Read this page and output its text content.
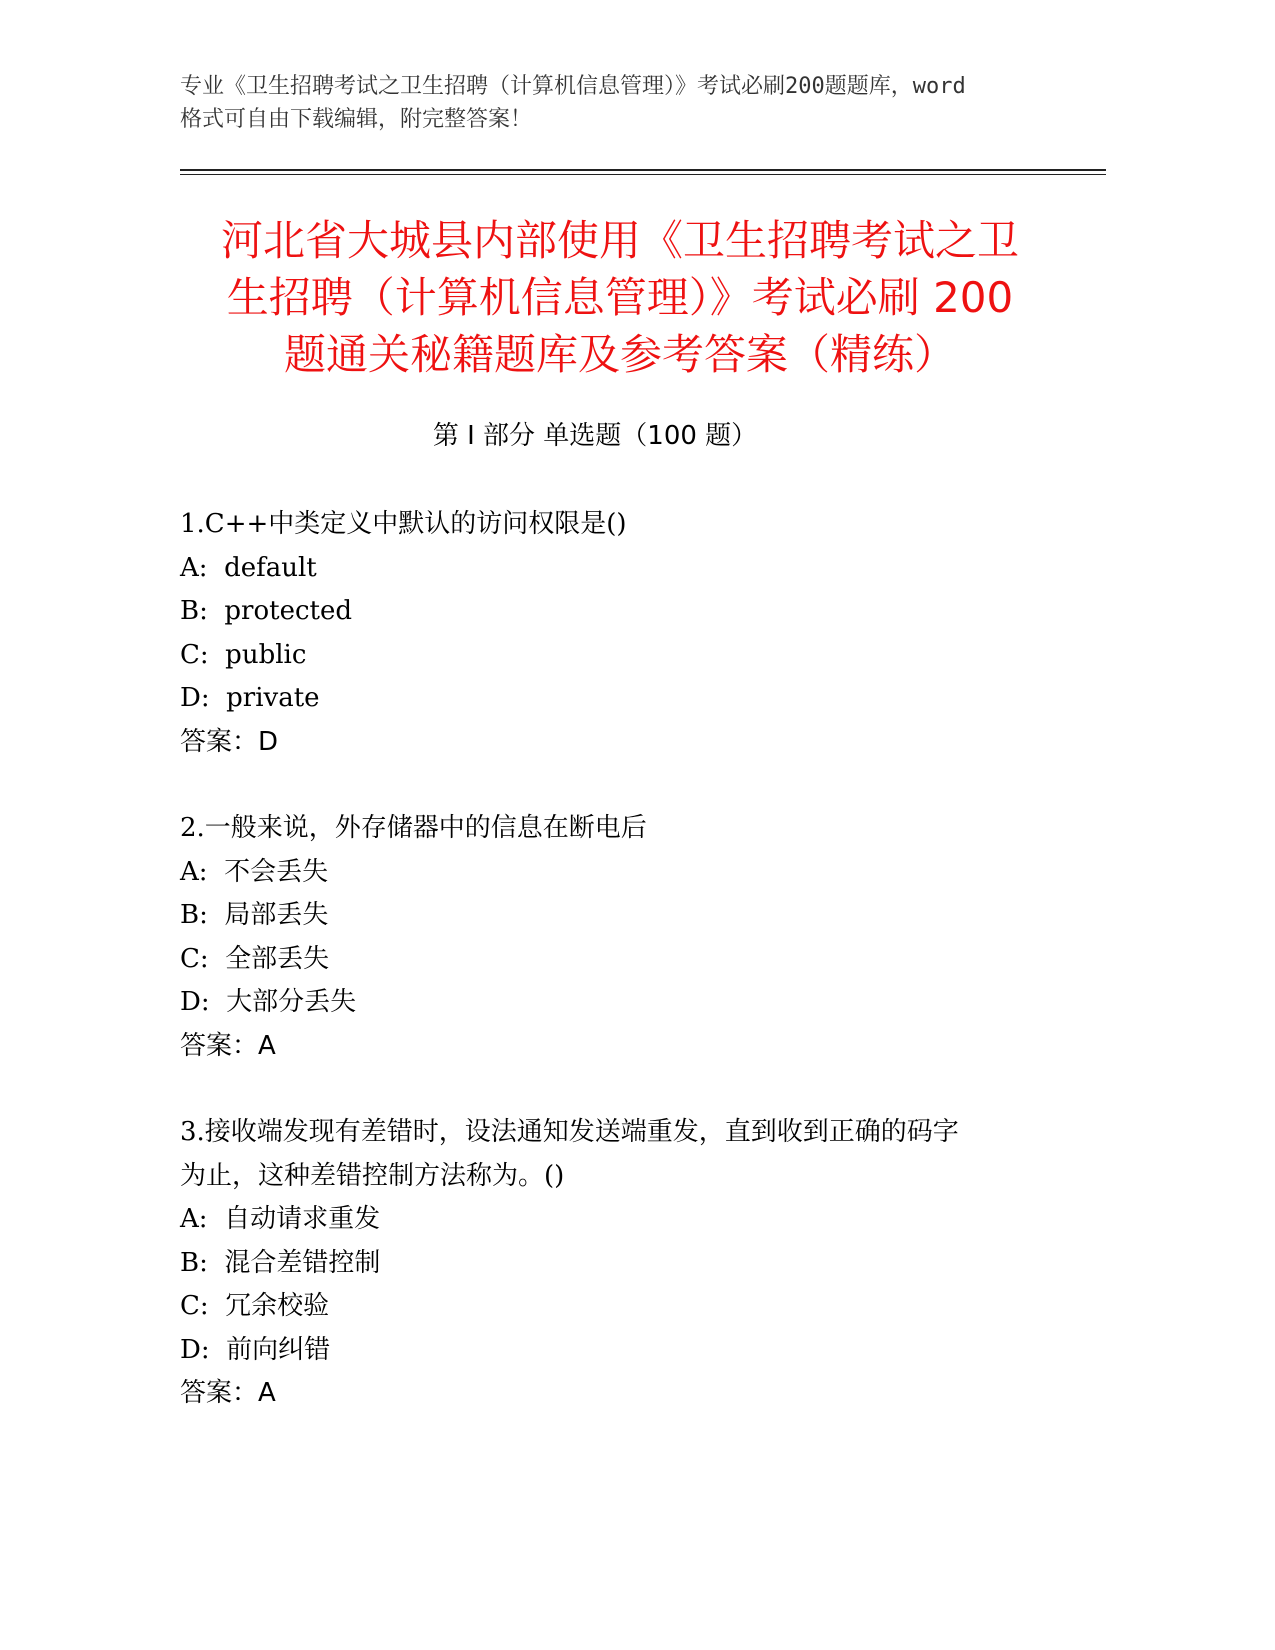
专业《卫生招聘考试之卫生招聘（计算机信息管理）》考试必刷200题题库，word
格式可自由下载编辑，附完整答案！
河北省大城县内部使用《卫生招聘考试之卫
生招聘（计算机信息管理）》考试必刷 200
题通关秘籍题库及参考答案（精练）
第 I 部分 单选题（100 题）
1.C++中类定义中默认的访问权限是()
A:  default
B:  protected
C:  public
D:  private
答案：D
2.一般来说，外存储器中的信息在断电后
A:  不会丢失
B:  局部丢失
C:  全部丢失
D:  大部分丢失
答案：A
3.接收端发现有差错时，设法通知发送端重发，直到收到正确的码字
为止，这种差错控制方法称为。()
A:  自动请求重发
B:  混合差错控制
C:  冗余校验
D:  前向纠错
答案：A
